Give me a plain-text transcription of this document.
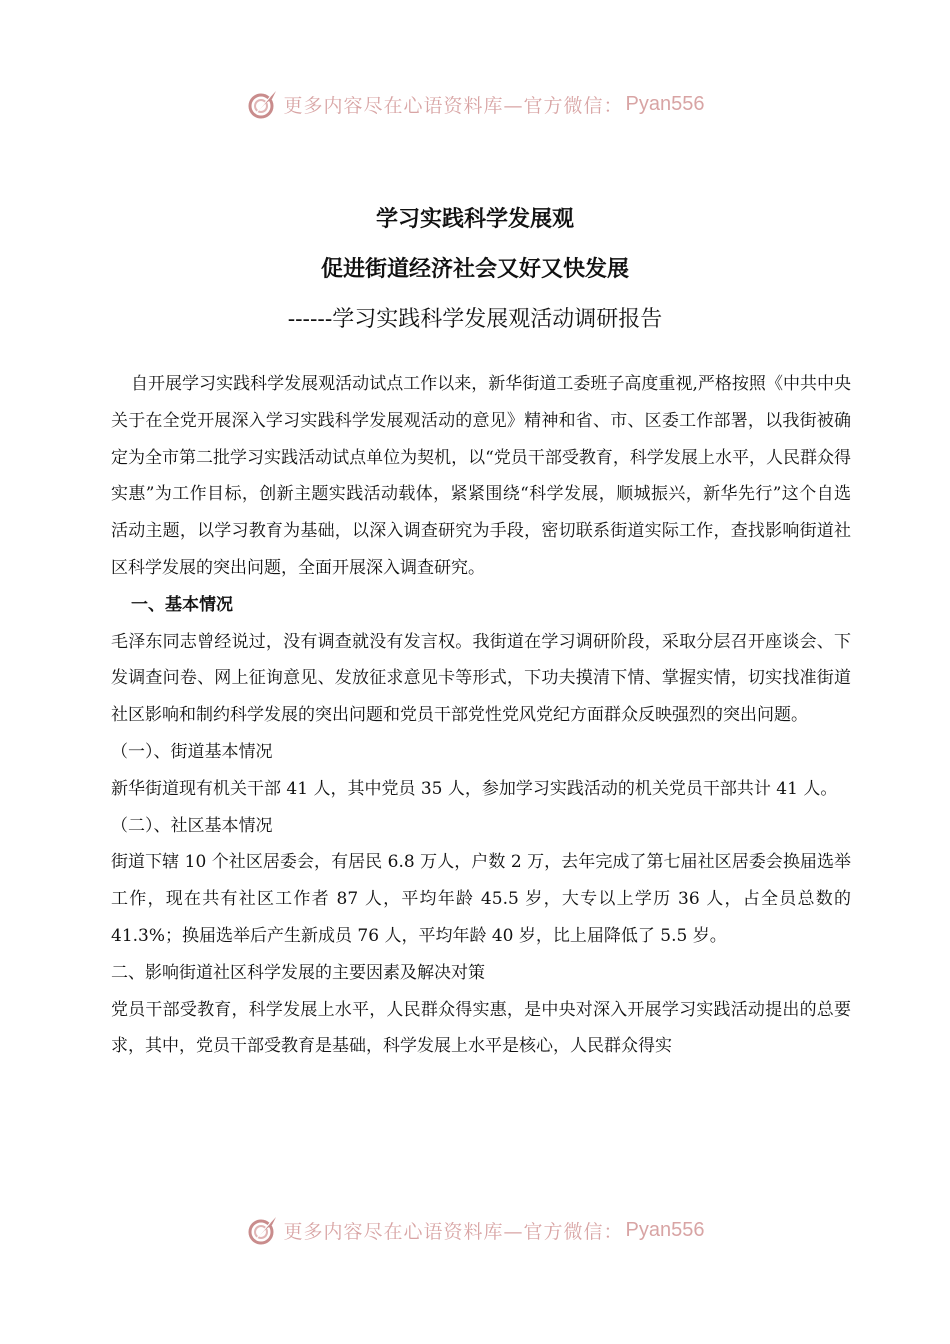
更多内容尽在心语资料库—官方微信： Pyan556
学习实践科学发展观
促进街道经济社会又好又快发展
------学习实践科学发展观活动调研报告

自开展学习实践科学发展观活动试点工作以来，新华街道工委班子高度重视,严格按照《中共中央关于在全党开展深入学习实践科学发展观活动的意见》精神和省、市、区委工作部署，以我街被确定为全市第二批学习实践活动试点单位为契机，以“党员干部受教育，科学发展上水平，人民群众得实惠”为工作目标，创新主题实践活动载体，紧紧围绕“科学发展，顺城振兴，新华先行”这个自选活动主题，以学习教育为基础，以深入调查研究为手段，密切联系街道实际工作，查找影响街道社区科学发展的突出问题，全面开展深入调查研究。

一、基本情况

毛泽东同志曾经说过，没有调查就没有发言权。我街道在学习调研阶段，采取分层召开座谈会、下发调查问卷、网上征询意见、发放征求意见卡等形式，下功夫摸清下情、掌握实情，切实找准街道社区影响和制约科学发展的突出问题和党员干部党性党风党纪方面群众反映强烈的突出问题。

（一）、街道基本情况

新华街道现有机关干部 41 人，其中党员 35 人，参加学习实践活动的机关党员干部共计 41 人。

（二）、社区基本情况

街道下辖 10 个社区居委会，有居民 6.8 万人，户数 2 万，去年完成了第七届社区居委会换届选举工作，现在共有社区工作者 87 人，平均年龄 45.5 岁，大专以上学历 36 人，占全员总数的 41.3%；换届选举后产生新成员 76 人，平均年龄 40 岁，比上届降低了 5.5 岁。

二、影响街道社区科学发展的主要因素及解决对策

党员干部受教育，科学发展上水平，人民群众得实惠，是中央对深入开展学习实践活动提出的总要求，其中，党员干部受教育是基础，科学发展上水平是核心，人民群众得实

更多内容尽在心语资料库—官方微信： Pyan556
